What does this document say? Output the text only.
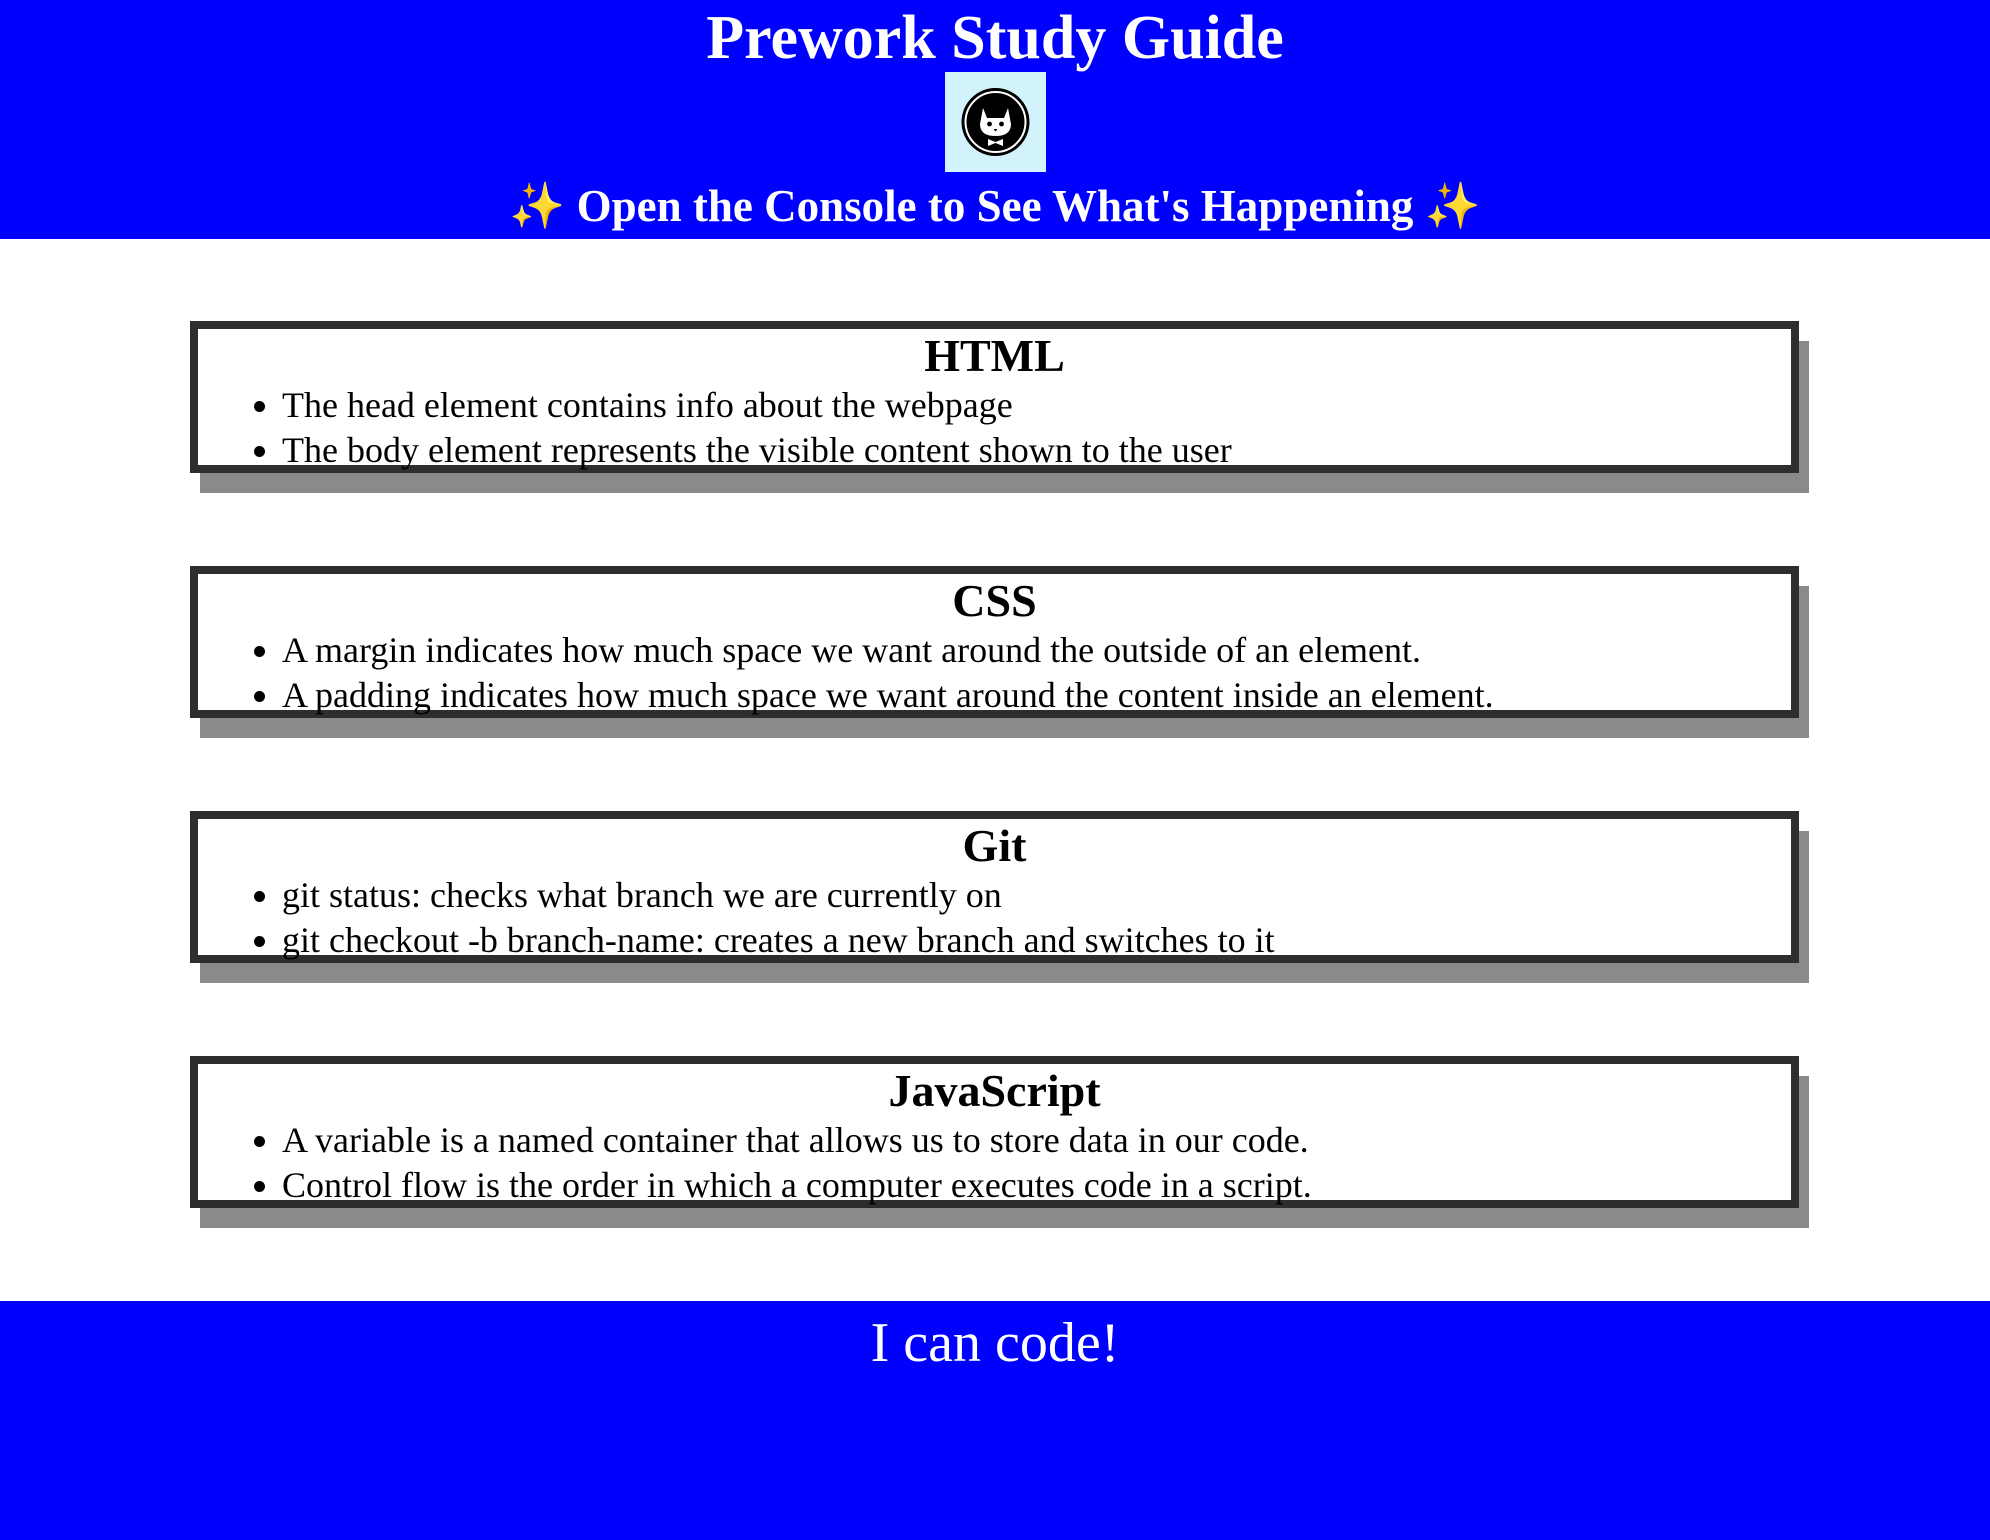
Prework Study Guide
✨ Open the Console to See What's Happening ✨
HTML
• The head element contains info about the webpage
• The body element represents the visible content shown to the user
CSS
• A margin indicates how much space we want around the outside of an element.
• A padding indicates how much space we want around the content inside an element.
Git
• git status: checks what branch we are currently on
• git checkout -b branch-name: creates a new branch and switches to it
JavaScript
• A variable is a named container that allows us to store data in our code.
• Control flow is the order in which a computer executes code in a script.

I can code!
